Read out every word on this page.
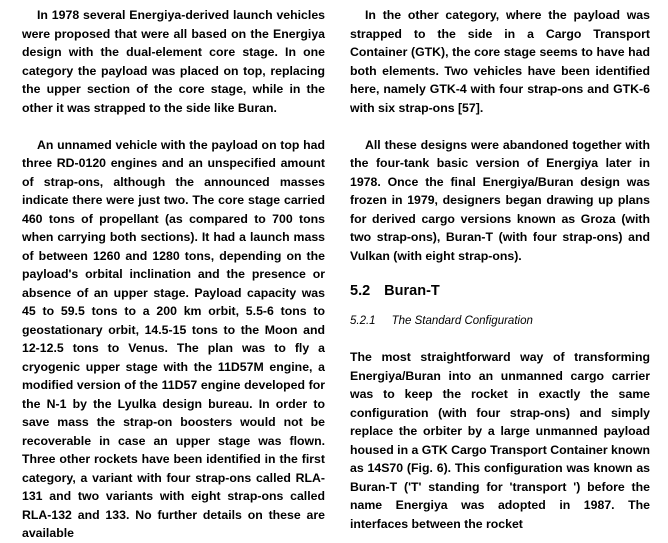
In 1978 several Energiya-derived launch vehicles were proposed that were all based on the Energiya design with the dual-element core stage. In one category the payload was placed on top, replacing the upper section of the core stage, while in the other it was strapped to the side like Buran.

An unnamed vehicle with the payload on top had three RD-0120 engines and an unspecified amount of strap-ons, although the announced masses indicate there were just two. The core stage carried 460 tons of propellant (as compared to 700 tons when carrying both sections). It had a launch mass of between 1260 and 1280 tons, depending on the payload's orbital inclination and the presence or absence of an upper stage. Payload capacity was 45 to 59.5 tons to a 200 km orbit, 5.5-6 tons to geostationary orbit, 14.5-15 tons to the Moon and 12-12.5 tons to Venus. The plan was to fly a cryogenic upper stage with the 11D57M engine, a modified version of the 11D57 engine developed for the N-1 by the Lyulka design bureau. In order to save mass the strap-on boosters would not be recoverable in case an upper stage was flown. Three other rockets have been identified in the first category, a variant with four strap-ons called RLA-131 and two variants with eight strap-ons called RLA-132 and 133. No further details on these are available

In the other category, where the payload was strapped to the side in a Cargo Transport Container (GTK), the core stage seems to have had both elements. Two vehicles have been identified here, namely GTK-4 with four strap-ons and GTK-6 with six strap-ons [57].

All these designs were abandoned together with the four-tank basic version of Energiya later in 1978. Once the final Energiya/Buran design was frozen in 1979, designers began drawing up plans for derived cargo versions known as Groza (with two strap-ons), Buran-T (with four strap-ons) and Vulkan (with eight strap-ons).

5.2 Buran-T
5.2.1 The Standard Configuration

The most straightforward way of transforming Energiya/Buran into an unmanned cargo carrier was to keep the rocket in exactly the same configuration (with four strap-ons) and simply replace the orbiter by a large unmanned payload housed in a GTK Cargo Transport Container known as 14S70 (Fig. 6). This configuration was known as Buran-T ('T' standing for 'transport ') before the name Energiya was adopted in 1987. The interfaces between the rocket
